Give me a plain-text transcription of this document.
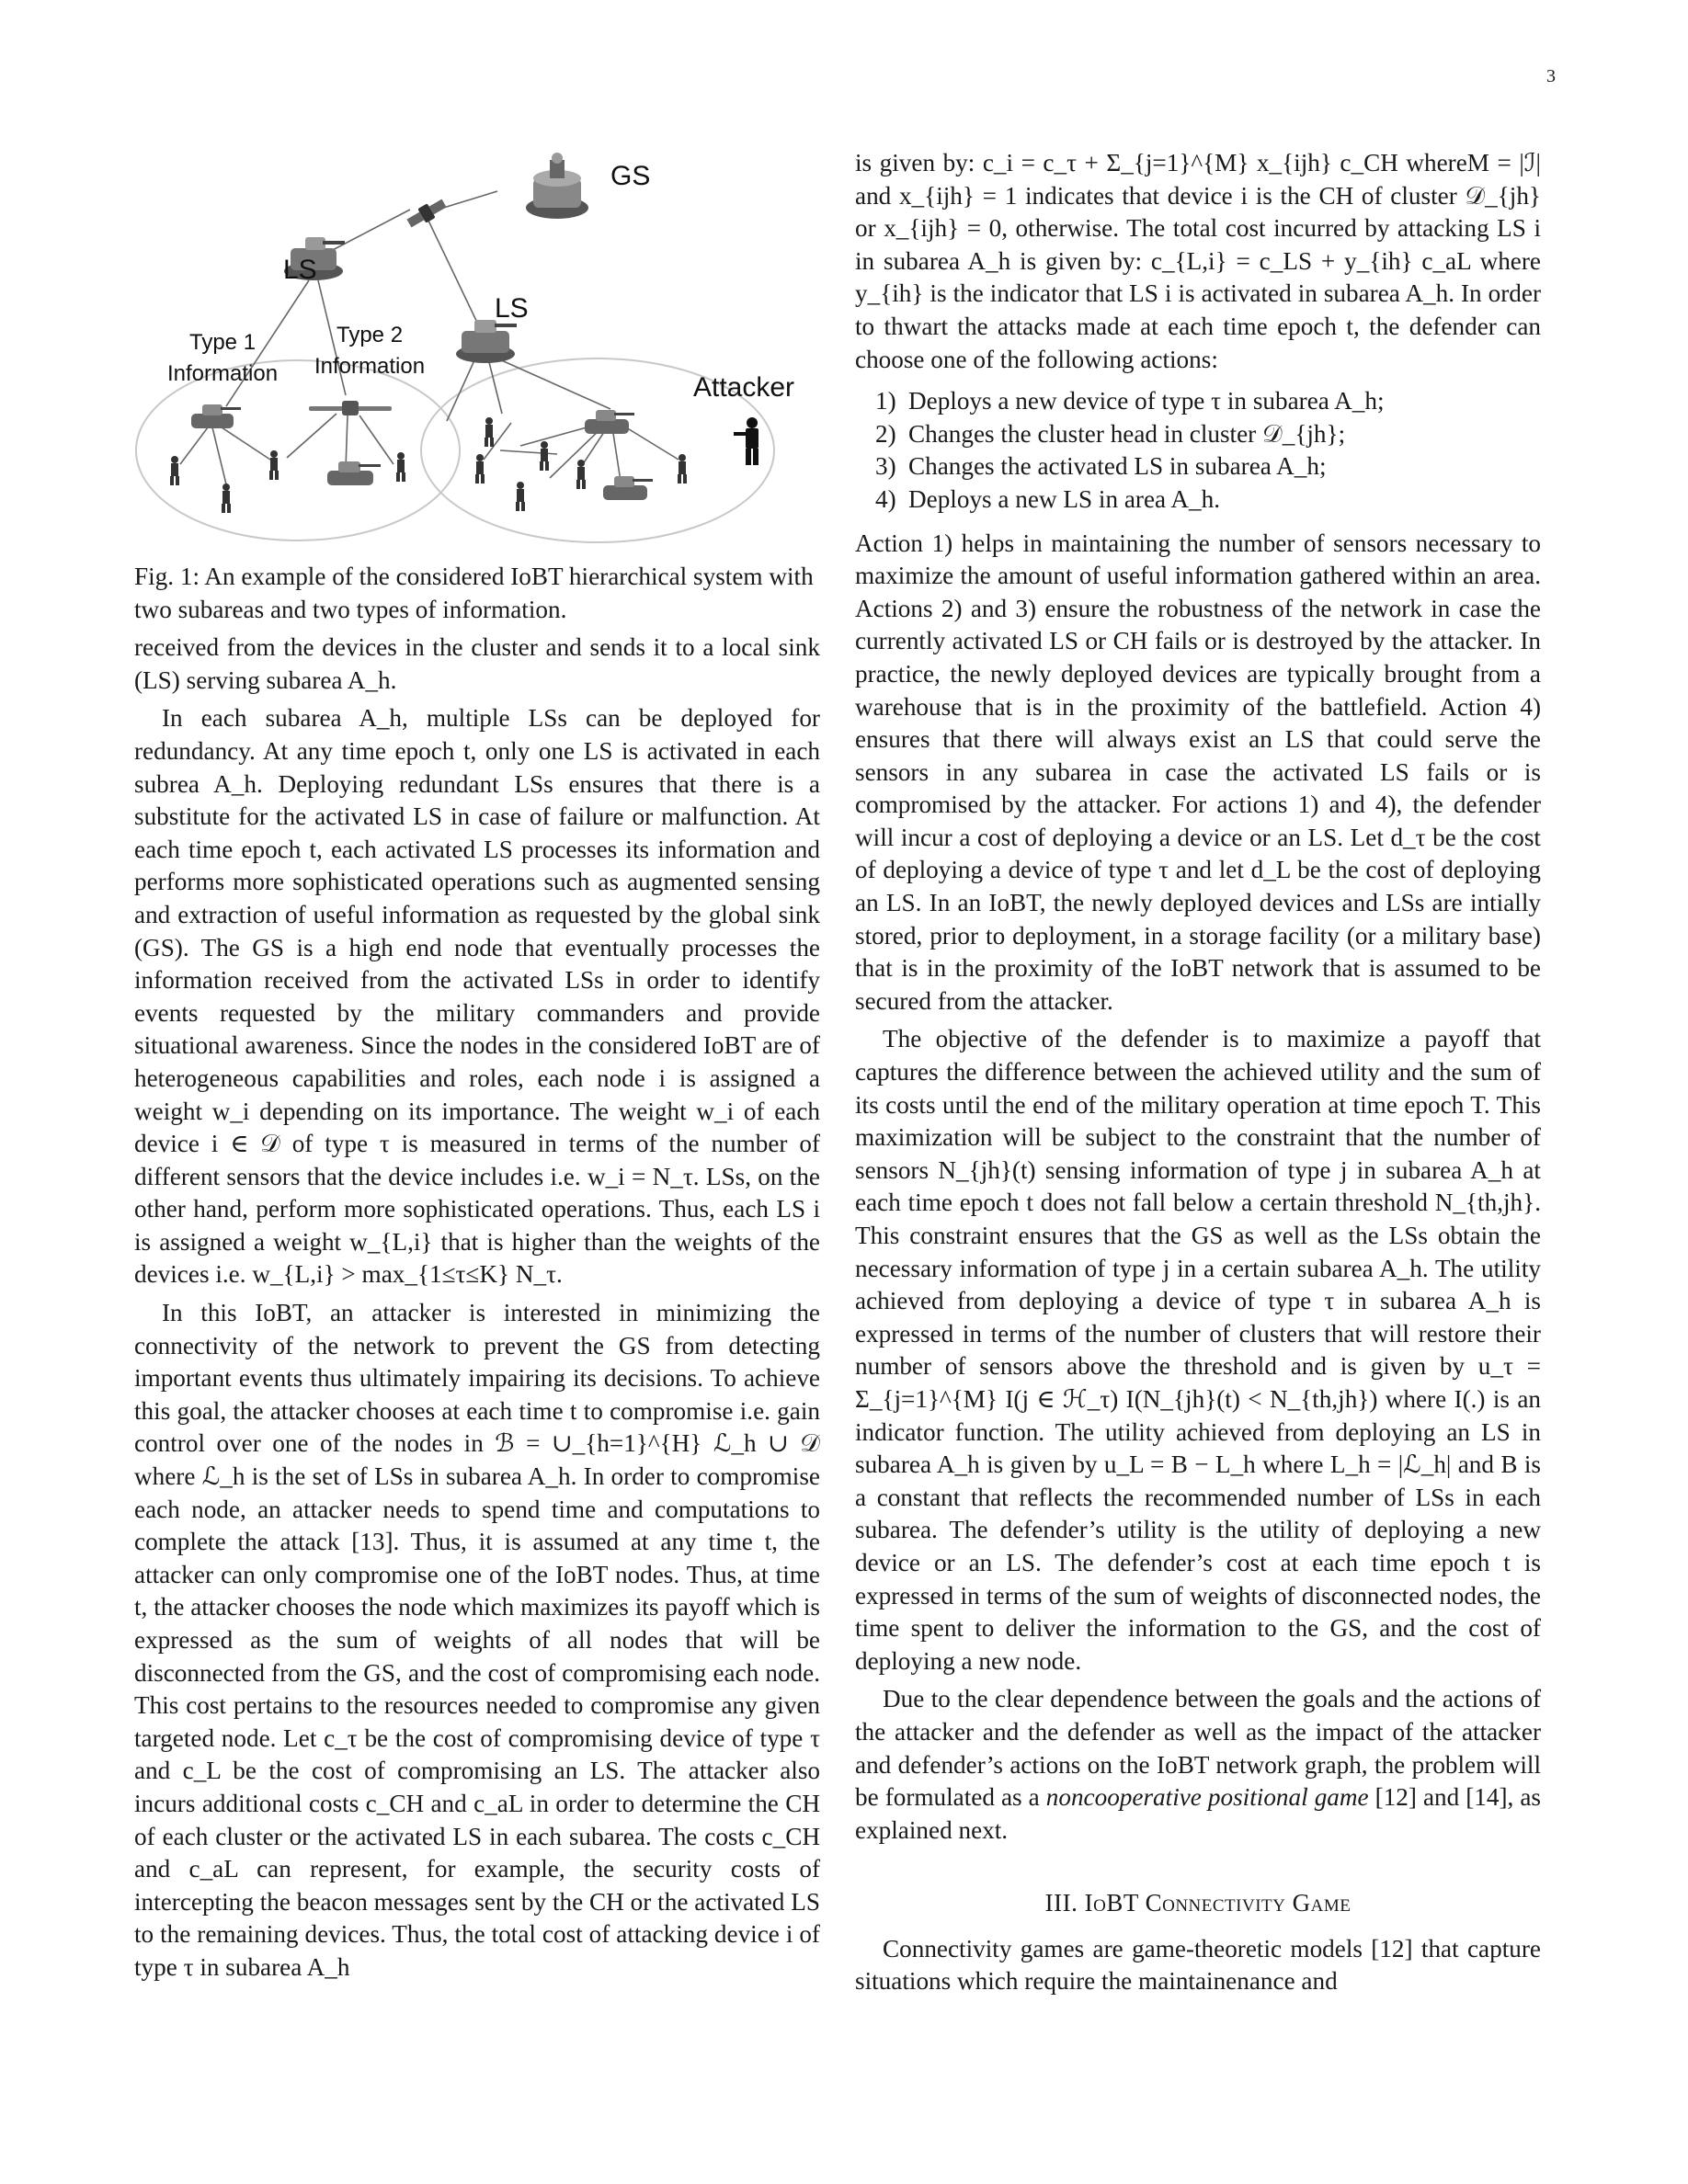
3
GS
LS
LS
Type 1
Information
Type 2
Information
Attacker

Fig. 1: An example of the considered IoBT hierarchical system with two subareas and two types of information.

received from the devices in the cluster and sends it to a local sink (LS) serving subarea A_h.

In each subarea A_h, multiple LSs can be deployed for redundancy. At any time epoch t, only one LS is activated in each subrea A_h. Deploying redundant LSs ensures that there is a substitute for the activated LS in case of failure or malfunction. At each time epoch t, each activated LS processes its information and performs more sophisticated operations such as augmented sensing and extraction of useful information as requested by the global sink (GS). The GS is a high end node that eventually processes the information received from the activated LSs in order to identify events requested by the military commanders and provide situational awareness. Since the nodes in the considered IoBT are of heterogeneous capabilities and roles, each node i is assigned a weight w_i depending on its importance. The weight w_i of each device i ∈ 𝒟 of type τ is measured in terms of the number of different sensors that the device includes i.e. w_i = N_τ. LSs, on the other hand, perform more sophisticated operations. Thus, each LS i is assigned a weight w_{L,i} that is higher than the weights of the devices i.e. w_{L,i} > max_{1≤τ≤K} N_τ.

In this IoBT, an attacker is interested in minimizing the connectivity of the network to prevent the GS from detecting important events thus ultimately impairing its decisions. To achieve this goal, the attacker chooses at each time t to compromise i.e. gain control over one of the nodes in ℬ = ∪_{h=1}^{H} ℒ_h ∪ 𝒟 where ℒ_h is the set of LSs in subarea A_h. In order to compromise each node, an attacker needs to spend time and computations to complete the attack [13]. Thus, it is assumed at any time t, the attacker can only compromise one of the IoBT nodes. Thus, at time t, the attacker chooses the node which maximizes its payoff which is expressed as the sum of weights of all nodes that will be disconnected from the GS, and the cost of compromising each node. This cost pertains to the resources needed to compromise any given targeted node. Let c_τ be the cost of compromising device of type τ and c_L be the cost of compromising an LS. The attacker also incurs additional costs c_CH and c_aL in order to determine the CH of each cluster or the activated LS in each subarea. The costs c_CH and c_aL can represent, for example, the security costs of intercepting the beacon messages sent by the CH or the activated LS to the remaining devices. Thus, the total cost of attacking device i of type τ in subarea A_h

is given by: c_i = c_τ + Σ_{j=1}^{M} x_{ijh} c_CH whereM = |ℐ| and x_{ijh} = 1 indicates that device i is the CH of cluster 𝒟_{jh} or x_{ijh} = 0, otherwise. The total cost incurred by attacking LS i in subarea A_h is given by: c_{L,i} = c_LS + y_{ih} c_aL where y_{ih} is the indicator that LS i is activated in subarea A_h. In order to thwart the attacks made at each time epoch t, the defender can choose one of the following actions:

1) Deploys a new device of type τ in subarea A_h;
2) Changes the cluster head in cluster 𝒟_{jh};
3) Changes the activated LS in subarea A_h;
4) Deploys a new LS in area A_h.

Action 1) helps in maintaining the number of sensors necessary to maximize the amount of useful information gathered within an area. Actions 2) and 3) ensure the robustness of the network in case the currently activated LS or CH fails or is destroyed by the attacker. In practice, the newly deployed devices are typically brought from a warehouse that is in the proximity of the battlefield. Action 4) ensures that there will always exist an LS that could serve the sensors in any subarea in case the activated LS fails or is compromised by the attacker. For actions 1) and 4), the defender will incur a cost of deploying a device or an LS. Let d_τ be the cost of deploying a device of type τ and let d_L be the cost of deploying an LS. In an IoBT, the newly deployed devices and LSs are intially stored, prior to deployment, in a storage facility (or a military base) that is in the proximity of the IoBT network that is assumed to be secured from the attacker.

The objective of the defender is to maximize a payoff that captures the difference between the achieved utility and the sum of its costs until the end of the military operation at time epoch T. This maximization will be subject to the constraint that the number of sensors N_{jh}(t) sensing information of type j in subarea A_h at each time epoch t does not fall below a certain threshold N_{th,jh}. This constraint ensures that the GS as well as the LSs obtain the necessary information of type j in a certain subarea A_h. The utility achieved from deploying a device of type τ in subarea A_h is expressed in terms of the number of clusters that will restore their number of sensors above the threshold and is given by u_τ = Σ_{j=1}^{M} I(j ∈ ℋ_τ) I(N_{jh}(t) < N_{th,jh}) where I(.) is an indicator function. The utility achieved from deploying an LS in subarea A_h is given by u_L = B − L_h where L_h = |ℒ_h| and B is a constant that reflects the recommended number of LSs in each subarea. The defender’s utility is the utility of deploying a new device or an LS. The defender’s cost at each time epoch t is expressed in terms of the sum of weights of disconnected nodes, the time spent to deliver the information to the GS, and the cost of deploying a new node.

Due to the clear dependence between the goals and the actions of the attacker and the defender as well as the impact of the attacker and defender’s actions on the IoBT network graph, the problem will be formulated as a noncooperative positional game [12] and [14], as explained next.

III. IoBT Connectivity Game

Connectivity games are game-theoretic models [12] that capture situations which require the maintainenance and
